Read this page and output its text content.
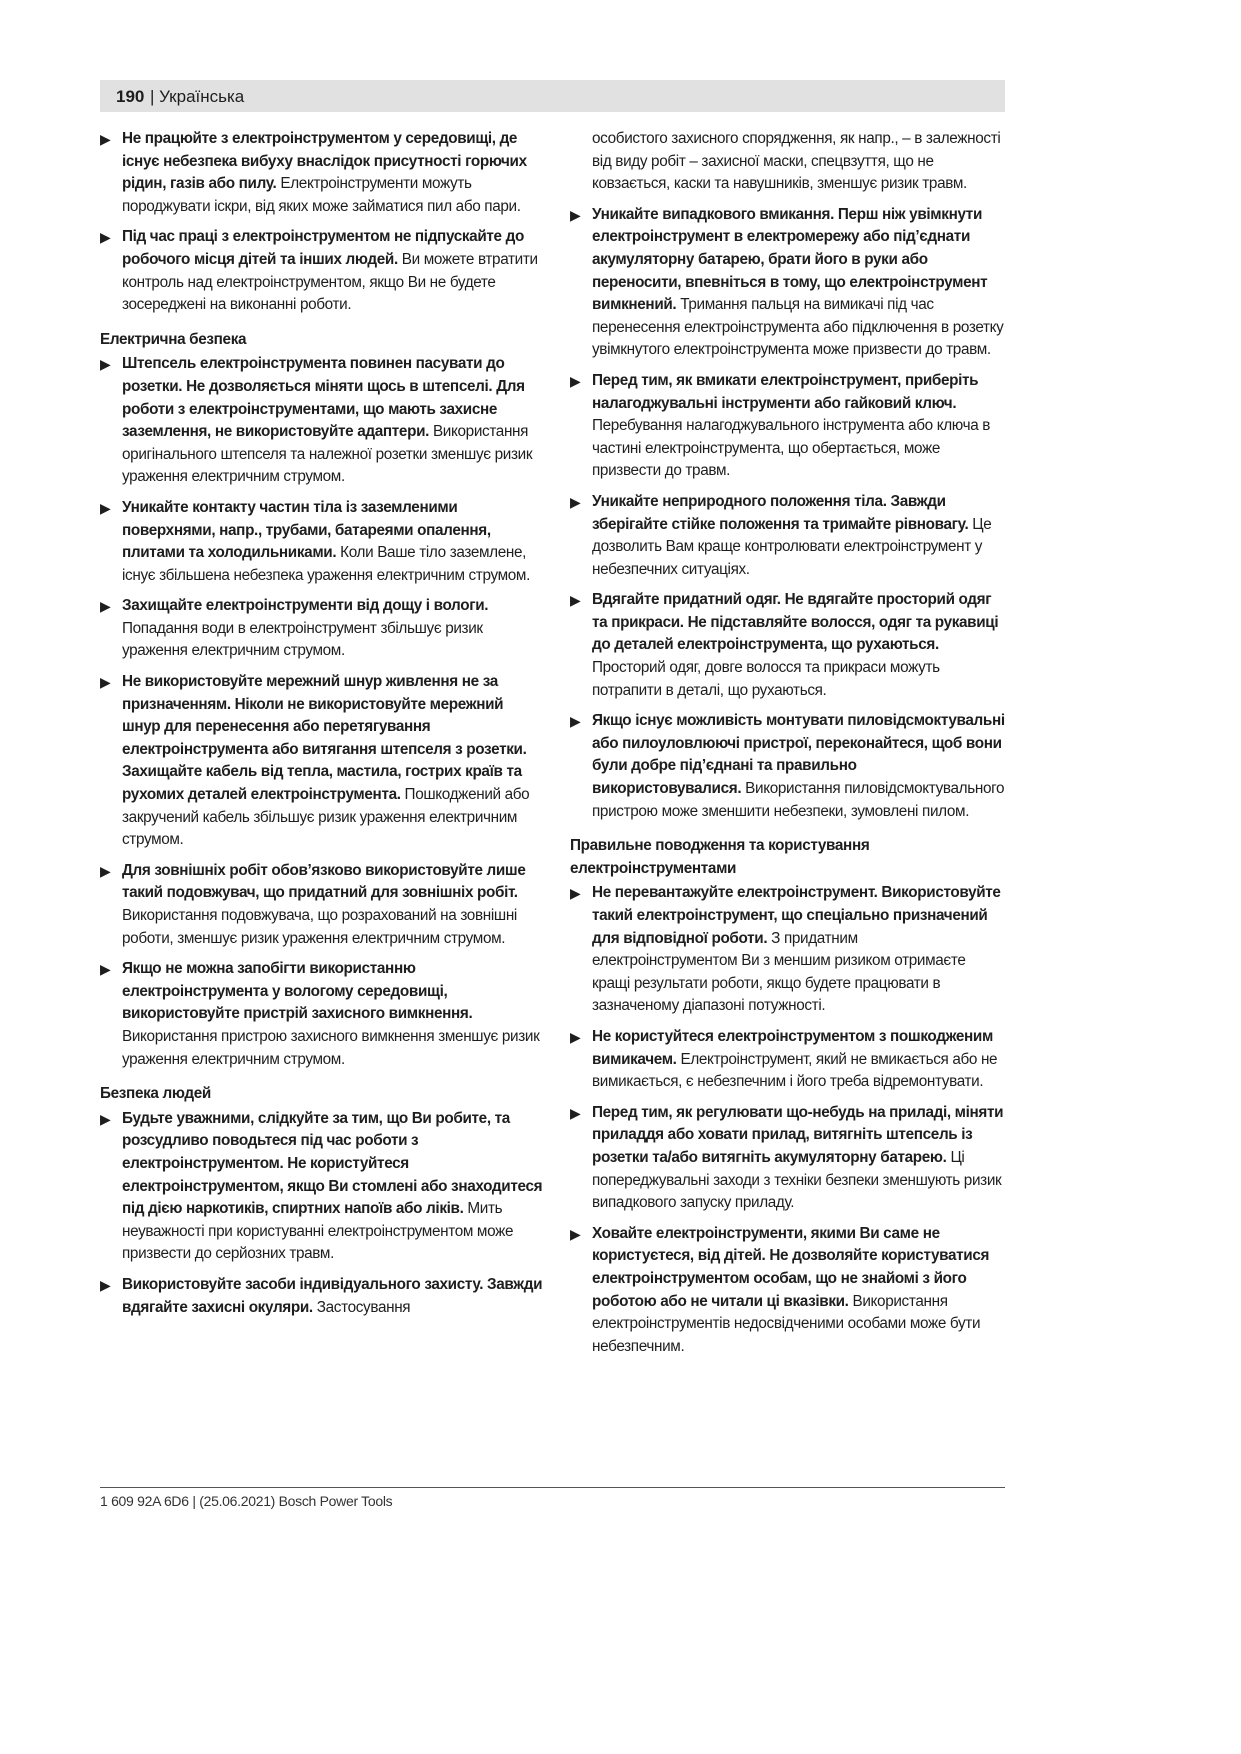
190 | Українська
▶ Не працюйте з електроінструментом у середовищі, де існує небезпека вибуху внаслідок присутності горючих рідин, газів або пилу. Електроінструменти можуть породжувати іскри, від яких може займатися пил або пари.
▶ Під час праці з електроінструментом не підпускайте до робочого місця дітей та інших людей. Ви можете втратити контроль над електроінструментом, якщо Ви не будете зосереджені на виконанні роботи.
Електрична безпека
▶ Штепсель електроінструмента повинен пасувати до розетки. Не дозволяється міняти щось в штепселі. Для роботи з електроінструментами, що мають захисне заземлення, не використовуйте адаптери. Використання оригінального штепселя та належної розетки зменшує ризик ураження електричним струмом.
▶ Уникайте контакту частин тіла із заземленими поверхнями, напр., трубами, батареями опалення, плитами та холодильниками. Коли Ваше тіло заземлене, існує збільшена небезпека ураження електричним струмом.
▶ Захищайте електроінструменти від дощу і вологи. Попадання води в електроінструмент збільшує ризик ураження електричним струмом.
▶ Не використовуйте мережний шнур живлення не за призначенням. Ніколи не використовуйте мережний шнур для перенесення або перетягування електроінструмента або витягання штепселя з розетки. Захищайте кабель від тепла, мастила, гострих країв та рухомих деталей електроінструмента. Пошкоджений або закручений кабель збільшує ризик ураження електричним струмом.
▶ Для зовнішніх робіт обов’язково використовуйте лише такий подовжувач, що придатний для зовнішніх робіт. Використання подовжувача, що розрахований на зовнішні роботи, зменшує ризик ураження електричним струмом.
▶ Якщо не можна запобігти використанню електроінструмента у вологому середовищі, використовуйте пристрій захисного вимкнення. Використання пристрою захисного вимкнення зменшує ризик ураження електричним струмом.
Безпека людей
▶ Будьте уважними, слідкуйте за тим, що Ви робите, та розсудливо поводьтеся під час роботи з електроінструментом. Не користуйтеся електроінструментом, якщо Ви стомлені або знаходитеся під дією наркотиків, спиртних напоїв або ліків. Мить неуважності при користуванні електроінструментом може призвести до серйозних травм.
▶ Використовуйте засоби індивідуального захисту. Завжди вдягайте захисні окуляри. Застосування
особистого захисного спорядження, як напр., – в залежності від виду робіт – захисної маски, спецвзуття, що не ковзається, каски та навушників, зменшує ризик травм.
▶ Уникайте випадкового вмикання. Перш ніж увімкнути електроінструмент в електромережу або під’єднати акумуляторну батарею, брати його в руки або переносити, впевніться в тому, що електроінструмент вимкнений. Тримання пальця на вимикачі під час перенесення електроінструмента або підключення в розетку увімкнутого електроінструмента може призвести до травм.
▶ Перед тим, як вмикати електроінструмент, приберіть налагоджувальні інструменти або гайковий ключ. Перебування налагоджувального інструмента або ключа в частині електроінструмента, що обертається, може призвести до травм.
▶ Уникайте неприродного положення тіла. Завжди зберігайте стійке положення та тримайте рівновагу. Це дозволить Вам краще контролювати електроінструмент у небезпечних ситуаціях.
▶ Вдягайте придатний одяг. Не вдягайте просторий одяг та прикраси. Не підставляйте волосся, одяг та рукавиці до деталей електроінструмента, що рухаються. Просторий одяг, довге волосся та прикраси можуть потрапити в деталі, що рухаються.
▶ Якщо існує можливість монтувати пиловідсмоктувальні або пилоуловлюючі пристрої, переконайтеся, щоб вони були добре під’єднані та правильно використовувалися. Використання пиловідсмоктувального пристрою може зменшити небезпеки, зумовлені пилом.
Правильне поводження та користування електроінструментами
▶ Не перевантажуйте електроінструмент. Використовуйте такий електроінструмент, що спеціально призначений для відповідної роботи. З придатним електроінструментом Ви з меншим ризиком отримаєте кращі результати роботи, якщо будете працювати в зазначеному діапазоні потужності.
▶ Не користуйтеся електроінструментом з пошкодженим вимикачем. Електроінструмент, який не вмикається або не вимикається, є небезпечним і його треба відремонтувати.
▶ Перед тим, як регулювати що-небудь на приладі, міняти приладдя або ховати прилад, витягніть штепсель із розетки та/або витягніть акумуляторну батарею. Ці попереджувальні заходи з техніки безпеки зменшують ризик випадкового запуску приладу.
▶ Ховайте електроінструменти, якими Ви саме не користуєтеся, від дітей. Не дозволяйте користуватися електроінструментом особам, що не знайомі з його роботою або не читали ці вказівки. Використання електроінструментів недосвідченими особами може бути небезпечним.
1 609 92A 6D6 | (25.06.2021) Bosch Power Tools
